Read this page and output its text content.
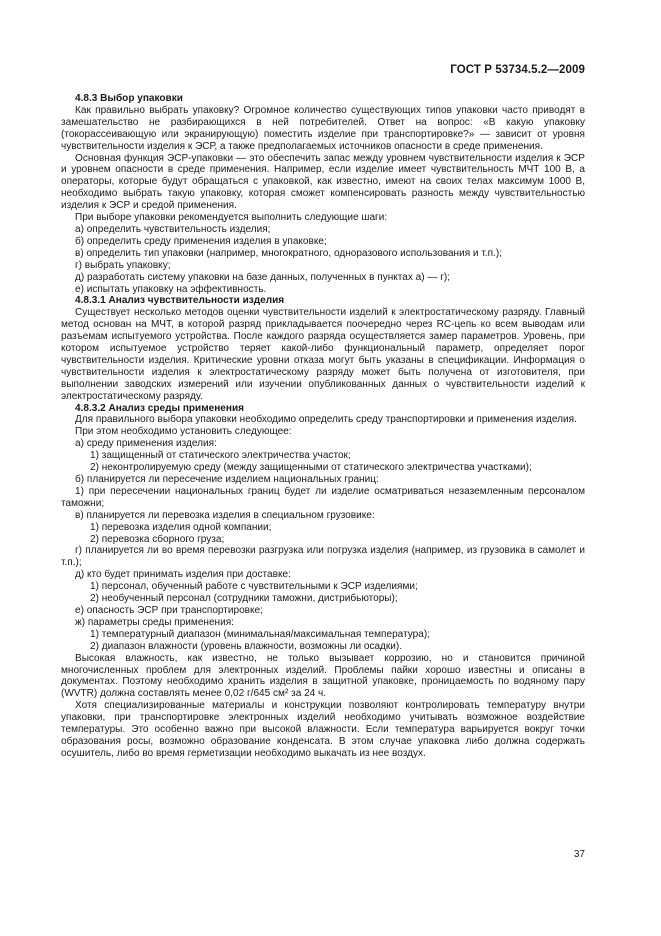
ГОСТ Р 53734.5.2—2009

4.8.3 Выбор упаковки

Как правильно выбрать упаковку? Огромное количество существующих типов упаковки часто приводят в замешательство не разбирающихся в ней потребителей. Ответ на вопрос: «В какую упаковку (токорассеивающую или экранирующую) поместить изделие при транспортировке?» — зависит от уровня чувствительности изделия к ЭСР, а также предполагаемых источников опасности в среде применения.

Основная функция ЭСР-упаковки — это обеспечить запас между уровнем чувствительности изделия к ЭСР и уровнем опасности в среде применения. Например, если изделие имеет чувствительность МЧТ 100 В, а операторы, которые будут обращаться с упаковкой, как известно, имеют на своих телах максимум 1000 В, необходимо выбрать такую упаковку, которая сможет компенсировать разность между чувствительностью изделия к ЭСР и средой применения.

При выборе упаковки рекомендуется выполнить следующие шаги:

а) определить чувствительность изделия;

б) определить среду применения изделия в упаковке;

в) определить тип упаковки (например, многократного, одноразового использования и т.п.);

г) выбрать упаковку;

д) разработать систему упаковки на базе данных, полученных в пунктах а) — г);

е) испытать упаковку на эффективность.

4.8.3.1 Анализ чувствительности изделия

Существует несколько методов оценки чувствительности изделий к электростатическому разряду. Главный метод основан на МЧТ, в которой разряд прикладывается поочередно через RC-цепь ко всем выводам или разъемам испытуемого устройства. После каждого разряда осуществляется замер параметров. Уровень, при котором испытуемое устройство теряет какой-либо функциональный параметр, определяет порог чувствительности изделия. Критические уровни отказа могут быть указаны в спецификации. Информация о чувствительности изделия к электростатическому разряду может быть получена от изготовителя, при выполнении заводских измерений или изучении опубликованных данных о чувствительности изделий к электростатическому разряду.

4.8.3.2 Анализ среды применения

Для правильного выбора упаковки необходимо определить среду транспортировки и применения изделия.

При этом необходимо установить следующее:

а) среду применения изделия:

1) защищенный от статического электричества участок;

2) неконтролируемую среду (между защищенными от статического электричества участками);

б) планируется ли пересечение изделием национальных границ:

1) при пересечении национальных границ будет ли изделие осматриваться незаземленным персоналом таможни;

в) планируется ли перевозка изделия в специальном грузовике:

1) перевозка изделия одной компании;

2) перевозка сборного груза;

г) планируется ли во время перевозки разгрузка или погрузка изделия (например, из грузовика в самолет и т.п.);

д) кто будет принимать изделия при доставке:

1) персонал, обученный работе с чувствительными к ЭСР изделиями;

2) необученный персонал (сотрудники таможни, дистрибьюторы);

е) опасность ЭСР при транспортировке;

ж) параметры среды применения:

1) температурный диапазон (минимальная/максимальная температура);

2) диапазон влажности (уровень влажности, возможны ли осадки).

Высокая влажность, как известно, не только вызывает коррозию, но и становится причиной многочисленных проблем для электронных изделий. Проблемы пайки хорошо известны и описаны в документах. Поэтому необходимо хранить изделия в защитной упаковке, проницаемость по водяному пару (WVTR) должна составлять менее 0,02 г/645 см² за 24 ч.

Хотя специализированные материалы и конструкции позволяют контролировать температуру внутри упаковки, при транспортировке электронных изделий необходимо учитывать возможное воздействие температуры. Это особенно важно при высокой влажности. Если температура варьируется вокруг точки образования росы, возможно образование конденсата. В этом случае упаковка либо должна содержать осушитель, либо во время герметизации необходимо выкачать из нее воздух.

37
